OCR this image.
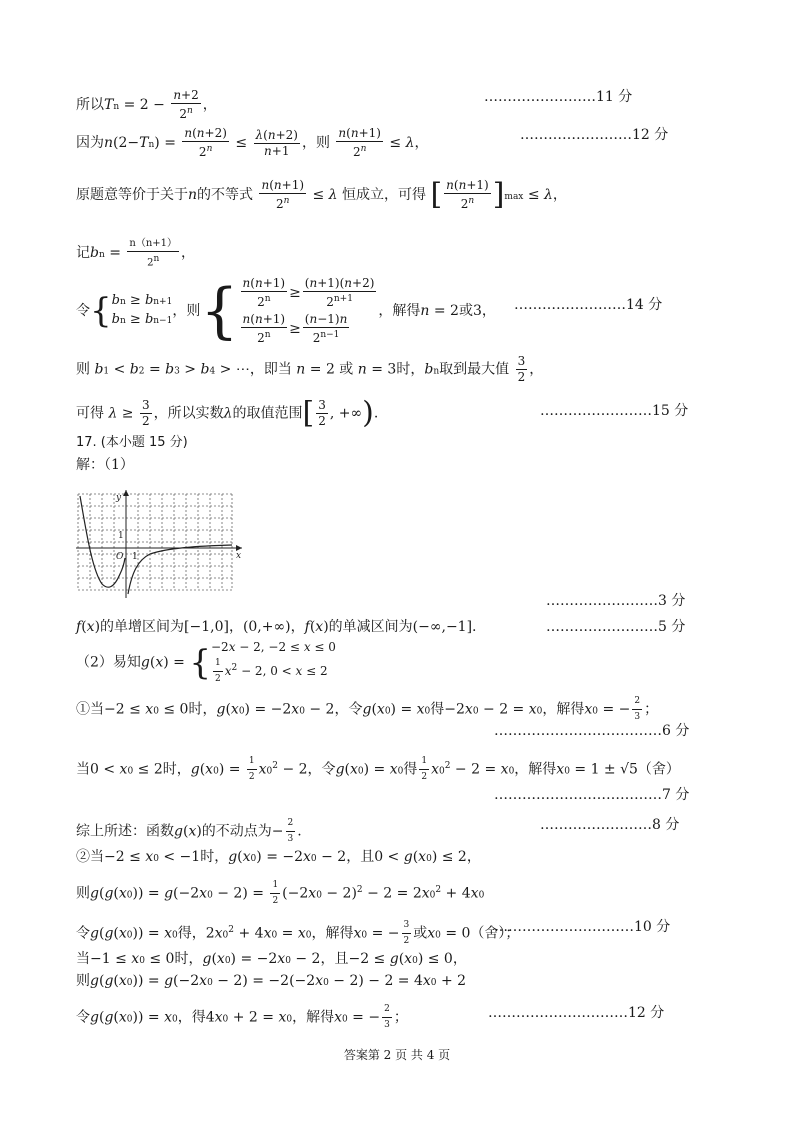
所以$Tn = 2 - \frac{n+2}{2^n}$ ，	……………………11 分
因为$n(2-Tn) = \frac{n(n+2)}{2^n} \le \frac{\lambda(n+2)}{n+1}$ ，则 $\frac{n(n+1)}{2^n} \le \lambda$，	……………………12 分
原题意等价于关于n的不等式 $\frac{n(n+1)}{2^n} \le \lambda$ 恒成立，可得 [ $\frac{n(n+1)}{2^n} ]\max \le \lambda$，
记bn = $\frac{n(n+1)}{2^n}$ ，
令{ bn ≥ bn+1
bn ≥ bn−1
，则{ $\frac{n(n+1)}{2^n} \ge \frac{(n+1)(n+2)}{2^{n+1}}$
$\frac{n(n+1)}{2^n} \ge \frac{(n-1)n}{2^{n-1}}$
，解得n = 2或3， ……………………14 分
则 b1 < b2 = b3 > b4 > ⋯，即当 n = 2 或 n = 3时，bn取到最大值 $\frac{3}{2}$ ，
可得 $\lambda \ge \frac{3}{2}$ ，所以实数λ的取值范围[ $\frac{3}{2}$ , +∞).	……………………15 分
17. (本小题 15 分)
解：（1）
y
x
O 1
1
……………………3 分
f(x)的单增区间为[−1,0]，(0,+∞)，f(x)的单减区间为(−∞,−1].	……………………5 分
（2）易知g(x) = { −2x − 2, −2 ≤ x ≤ 0
$\frac{1}{2} x^2 - 2$, 0 < x ≤ 2
①当−2 ≤ x0 ≤ 0时，g(x0) = −2x0 − 2，令g(x0) = x0得−2x0 − 2 = x0，解得x0 = − $\frac{2}{3}$ ；
………………………………6 分
当0 < x0 ≤ 2时，$g(x0) = \frac{1}{2} x0^2 - 2$，令g(x0) = x0得 $\frac{1}{2} x0^2 - 2 = x0$，解得x0 = 1 ± √5（舍）
………………………………7 分
综上所述：函数g(x)的不动点为− $\frac{2}{3}$ .	……………………8 分
②当−2 ≤ x0 < −1时，g(x0) = −2x0 − 2，且0 < g(x0) ≤ 2，
则$g(g(x0)) = g(-2x0 - 2) = \frac{1}{2} (-2x0 - 2)^2 - 2 = 2x0^2 + 4x0$
令g(g(x0)) = x0得，$2x0^2 + 4x0 = x0$，解得x0 = − $\frac{3}{2}$ 或x0 = 0（舍）；
…………………………10 分
当−1 ≤ x0 ≤ 0时，g(x0) = −2x0 − 2，且−2 ≤ g(x0) ≤ 0，
则g(g(x0)) = g(−2x0 − 2) = −2(−2x0 − 2) − 2 = 4x0 + 2
令g(g(x0)) = x0，得4x0 + 2 = x0，解得x0 = − $\frac{2}{3}$ ；	…………………………12 分
答案第 2 页 共 4 页
